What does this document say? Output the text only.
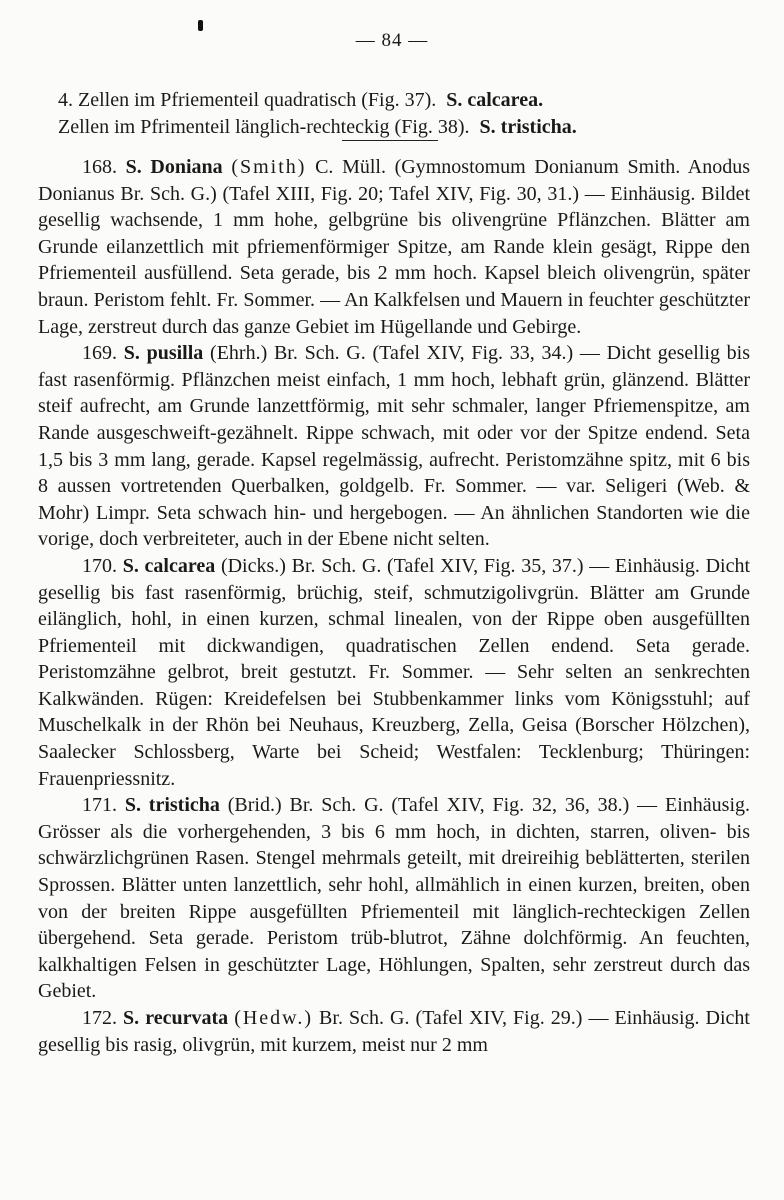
— 84 —
4. Zellen im Pfriementeil quadratisch (Fig. 37). S. calcarea.
Zellen im Pfrimenteil länglich-rechteckig (Fig. 38). S. tristicha.

168. S. Doniana (Smith) C. Müll. (Gymnostomum Donianum Smith. Anodus Donianus Br. Sch. G.) (Tafel XIII, Fig. 20; Tafel XIV, Fig. 30, 31.) — Einhäusig. Bildet gesellig wachsende, 1 mm hohe, gelbgrüne bis olivengrüne Pflänzchen. Blätter am Grunde eilanzettlich mit pfriemenförmiger Spitze, am Rande klein gesägt, Rippe den Pfriementeil ausfüllend. Seta gerade, bis 2 mm hoch. Kapsel bleich olivengrün, später braun. Peristom fehlt. Fr. Sommer. — An Kalkfelsen und Mauern in feuchter geschützter Lage, zerstreut durch das ganze Gebiet im Hügellande und Gebirge.

169. S. pusilla (Ehrh.) Br. Sch. G. (Tafel XIV, Fig. 33, 34.) — Dicht gesellig bis fast rasenförmig. Pflänzchen meist einfach, 1 mm hoch, lebhaft grün, glänzend. Blätter steif aufrecht, am Grunde lanzettförmig, mit sehr schmaler, langer Pfriemenspitze, am Rande ausgeschweift-gezähnelt. Rippe schwach, mit oder vor der Spitze endend. Seta 1,5 bis 3 mm lang, gerade. Kapsel regelmässig, aufrecht. Peristomzähne spitz, mit 6 bis 8 aussen vortretenden Querbalken, goldgelb. Fr. Sommer. — var. Seligeri (Web. & Mohr) Limpr. Seta schwach hin- und hergebogen. — An ähnlichen Standorten wie die vorige, doch verbreiteter, auch in der Ebene nicht selten.

170. S. calcarea (Dicks.) Br. Sch. G. (Tafel XIV, Fig. 35, 37.) — Einhäusig. Dicht gesellig bis fast rasenförmig, brüchig, steif, schmutzigolivgrün. Blätter am Grunde eilänglich, hohl, in einen kurzen, schmal linealen, von der Rippe oben ausgefüllten Pfriementeil mit dickwandigen, quadratischen Zellen endend. Seta gerade. Peristomzähne gelbrot, breit gestutzt. Fr. Sommer. — Sehr selten an senkrechten Kalkwänden. Rügen: Kreidefelsen bei Stubbenkammer links vom Königsstuhl; auf Muschelkalk in der Rhön bei Neuhaus, Kreuzberg, Zella, Geisa (Borscher Hölzchen), Saalecker Schlossberg, Warte bei Scheid; Westfalen: Tecklenburg; Thüringen: Frauenpriessnitz.

171. S. tristicha (Brid.) Br. Sch. G. (Tafel XIV, Fig. 32, 36, 38.) — Einhäusig. Grösser als die vorhergehenden, 3 bis 6 mm hoch, in dichten, starren, oliven- bis schwärzlichgrünen Rasen. Stengel mehrmals geteilt, mit dreireihig beblätterten, sterilen Sprossen. Blätter unten lanzettlich, sehr hohl, allmählich in einen kurzen, breiten, oben von der breiten Rippe ausgefüllten Pfriementeil mit länglich-rechteckigen Zellen übergehend. Seta gerade. Peristom trüb-blutrot, Zähne dolchförmig. An feuchten, kalkhaltigen Felsen in geschützter Lage, Höhlungen, Spalten, sehr zerstreut durch das Gebiet.

172. S. recurvata (Hedw.) Br. Sch. G. (Tafel XIV, Fig. 29.) — Einhäusig. Dicht gesellig bis rasig, olivgrün, mit kurzem, meist nur 2 mm
